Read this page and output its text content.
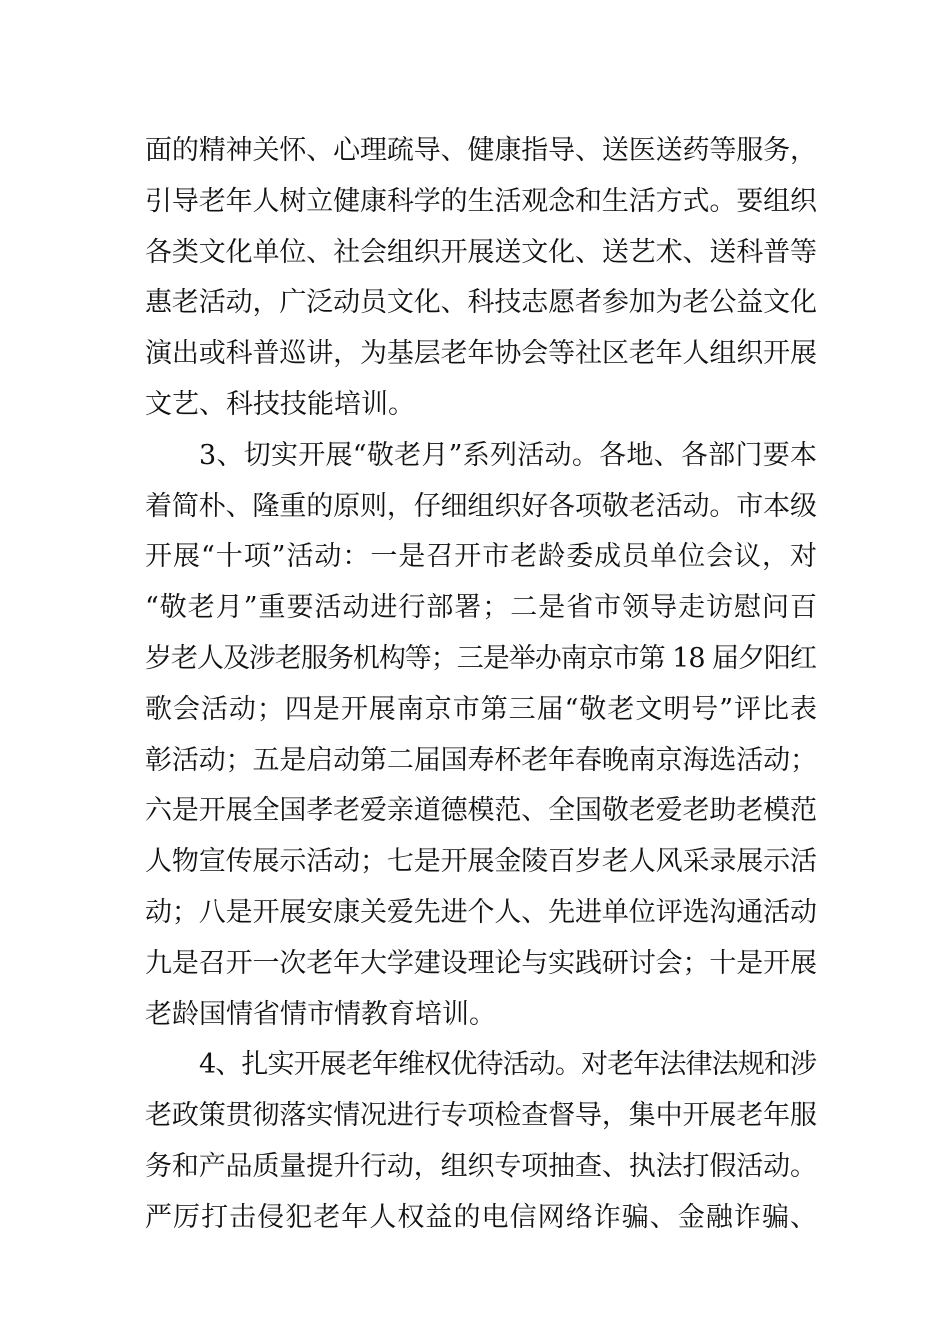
面的精神关怀、心理疏导、健康指导、送医送药等服务，
引导老年人树立健康科学的生活观念和生活方式。要组织
各类文化单位、社会组织开展送文化、送艺术、送科普等
惠老活动，广泛动员文化、科技志愿者参加为老公益文化
演出或科普巡讲，为基层老年协会等社区老年人组织开展
文艺、科技技能培训。
3、切实开展“敬老月”系列活动。各地、各部门要本
着简朴、隆重的原则，仔细组织好各项敬老活动。市本级
开展“十项”活动：一是召开市老龄委成员单位会议，对
“敬老月”重要活动进行部署；二是省市领导走访慰问百
岁老人及涉老服务机构等；三是举办南京市第 18 届夕阳红
歌会活动；四是开展南京市第三届“敬老文明号”评比表
彰活动；五是启动第二届国寿杯老年春晚南京海选活动；
六是开展全国孝老爱亲道德模范、全国敬老爱老助老模范
人物宣传展示活动；七是开展金陵百岁老人风采录展示活
动；八是开展安康关爱先进个人、先进单位评选沟通活动
九是召开一次老年大学建设理论与实践研讨会；十是开展
老龄国情省情市情教育培训。
4、扎实开展老年维权优待活动。对老年法律法规和涉
老政策贯彻落实情况进行专项检查督导，集中开展老年服
务和产品质量提升行动，组织专项抽查、执法打假活动。
严厉打击侵犯老年人权益的电信网络诈骗、金融诈骗、
